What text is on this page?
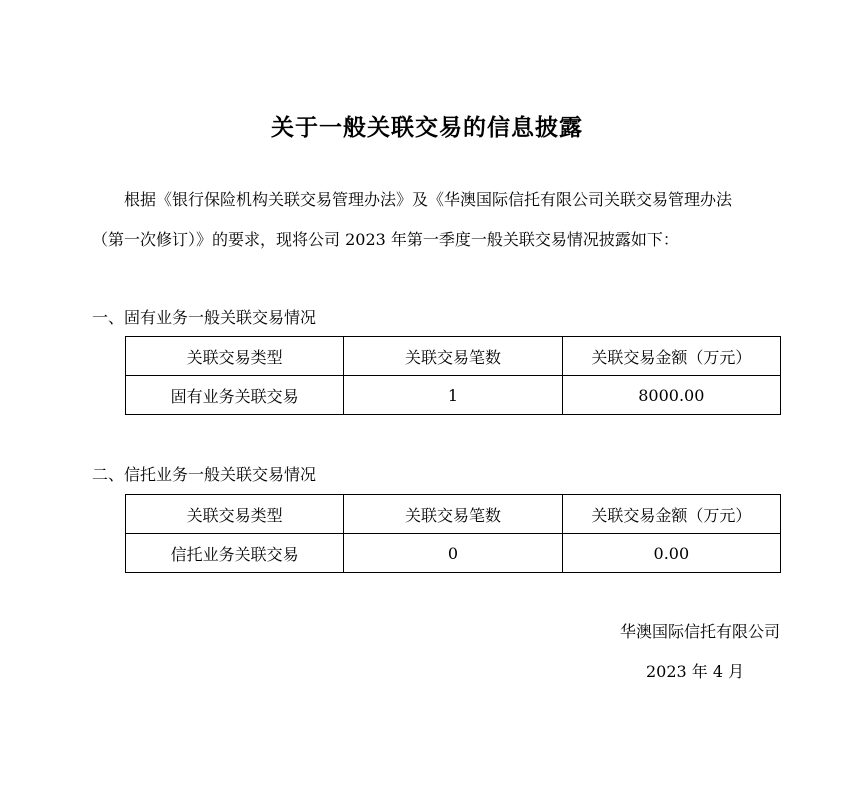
关于一般关联交易的信息披露
根据《银行保险机构关联交易管理办法》及《华澳国际信托有限公司关联交易管理办法
（第一次修订）》的要求，现将公司 2023 年第一季度一般关联交易情况披露如下：
一、固有业务一般关联交易情况
关联交易类型	关联交易笔数	关联交易金额（万元）
固有业务关联交易	1	8000.00
二、信托业务一般关联交易情况
关联交易类型	关联交易笔数	关联交易金额（万元）
信托业务关联交易	0	0.00
华澳国际信托有限公司
2023 年 4 月
